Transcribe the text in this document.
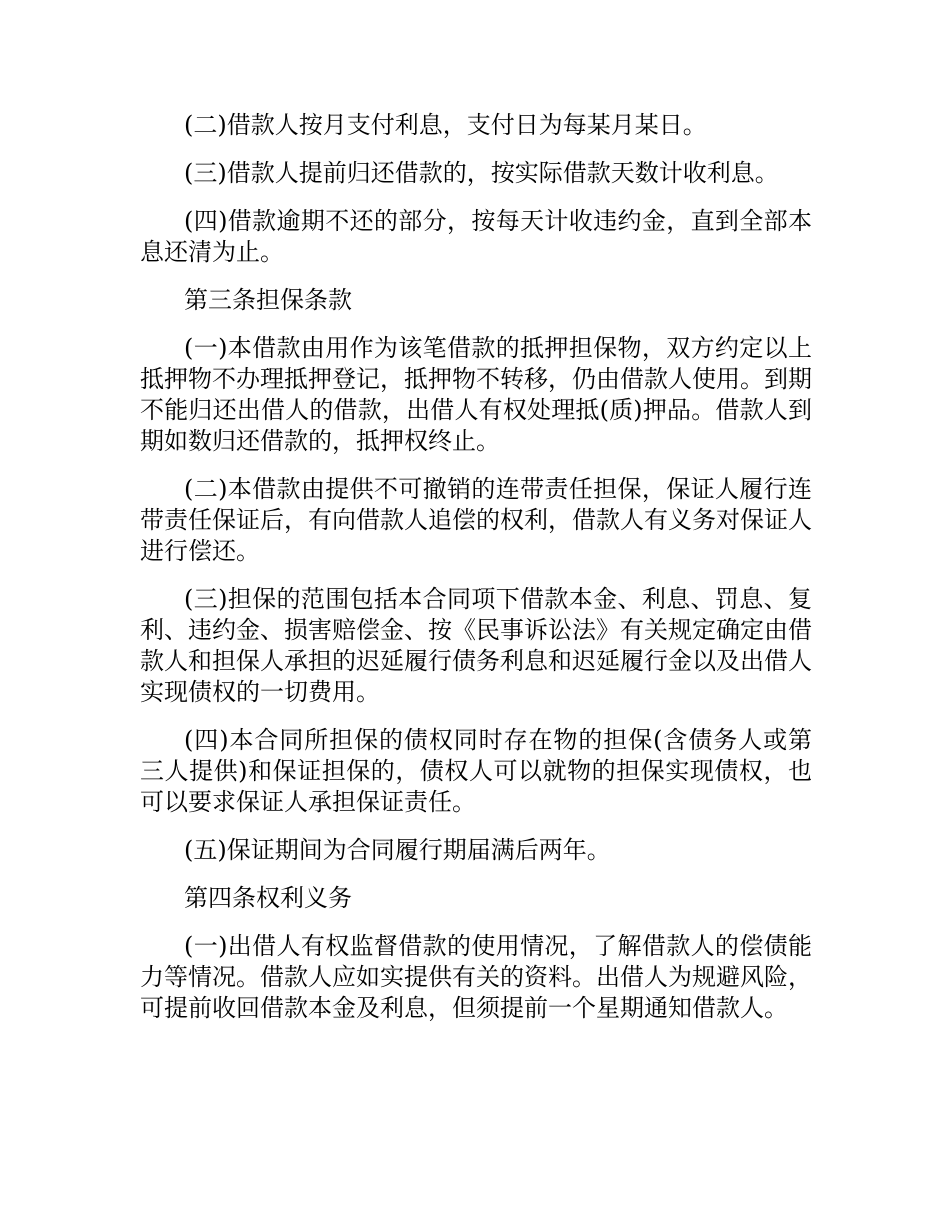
(二)借款人按月支付利息，支付日为每某月某日。

(三)借款人提前归还借款的，按实际借款天数计收利息。

(四)借款逾期不还的部分，按每天计收违约金，直到全部本息还清为止。

第三条担保条款

(一)本借款由用作为该笔借款的抵押担保物，双方约定以上抵押物不办理抵押登记，抵押物不转移，仍由借款人使用。到期不能归还出借人的借款，出借人有权处理抵(质)押品。借款人到期如数归还借款的，抵押权终止。

(二)本借款由提供不可撤销的连带责任担保，保证人履行连带责任保证后，有向借款人追偿的权利，借款人有义务对保证人进行偿还。

(三)担保的范围包括本合同项下借款本金、利息、罚息、复利、违约金、损害赔偿金、按《民事诉讼法》有关规定确定由借款人和担保人承担的迟延履行债务利息和迟延履行金以及出借人实现债权的一切费用。

(四)本合同所担保的债权同时存在物的担保(含债务人或第三人提供)和保证担保的，债权人可以就物的担保实现债权，也可以要求保证人承担保证责任。

(五)保证期间为合同履行期届满后两年。

第四条权利义务

(一)出借人有权监督借款的使用情况，了解借款人的偿债能力等情况。借款人应如实提供有关的资料。出借人为规避风险，可提前收回借款本金及利息，但须提前一个星期通知借款人。
